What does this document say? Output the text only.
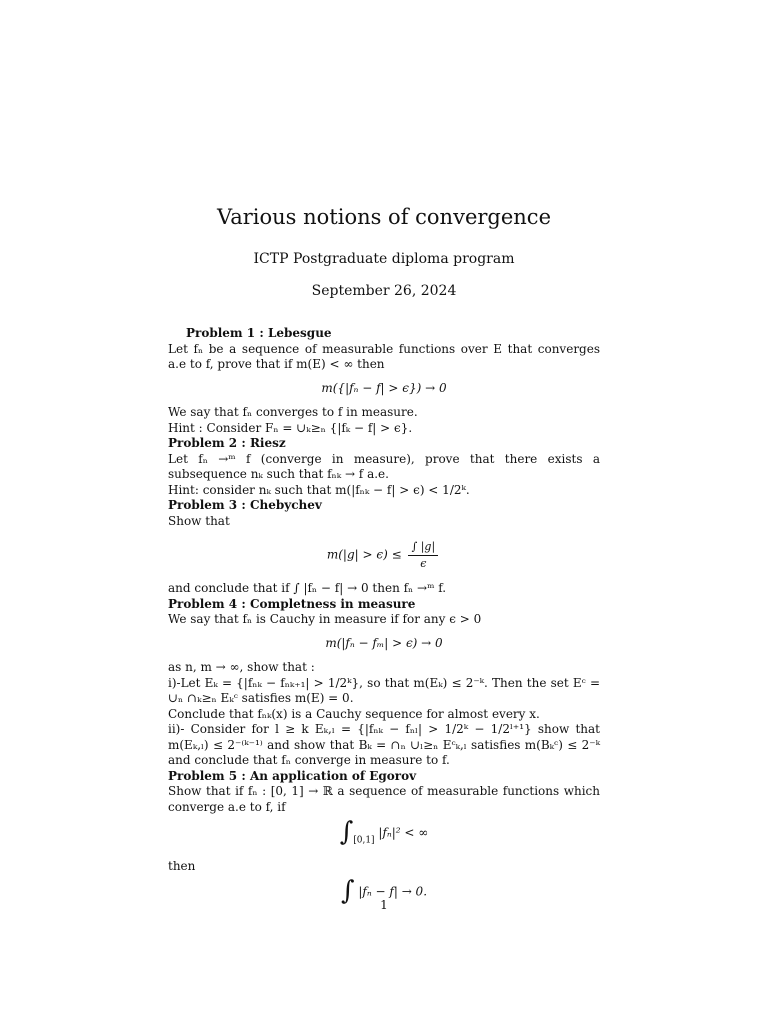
Various notions of convergence
ICTP Postgraduate diploma program
September 26, 2024
Problem 1 : Lebesgue

Let fₙ be a sequence of measurable functions over E that converges a.e to f, prove that if m(E) < ∞ then

m({|fₙ − f| > ϵ}) → 0

We say that fₙ converges to f in measure.

Hint : Consider Fₙ = ∪ₖ≥ₙ {|fₖ − f| > ϵ}.

Problem 2 : Riesz

Let fₙ →ᵐ f (converge in measure), prove that there exists a subsequence nₖ such that fₙₖ → f a.e.

Hint: consider nₖ such that m(|fₙₖ − f| > ϵ) < 1/2ᵏ.

Problem 3 : Chebychev

Show that

$m(|g| > \epsilon) \le \frac{\int |g|}{\epsilon}$

and conclude that if ∫ |fₙ − f| → 0 then fₙ →ᵐ f.

Problem 4 : Completness in measure

We say that fₙ is Cauchy in measure if for any ϵ > 0

m(|fₙ − fₘ| > ϵ) → 0

as n, m → ∞, show that :

i)-Let Eₖ = {|fₙₖ − fₙₖ₊₁| > 1/2ᵏ}, so that m(Eₖ) ≤ 2⁻ᵏ. Then the set Eᶜ = ∪ₙ ∩ₖ≥ₙ Eₖᶜ satisfies m(E) = 0.

Conclude that fₙₖ(x) is a Cauchy sequence for almost every x.

ii)- Consider for l ≥ k Eₖ,ₗ = {|fₙₖ − fₙₗ| > 1/2ᵏ − 1/2ˡ⁺¹} show that m(Eₖ,ₗ) ≤ 2⁻⁽ᵏ⁻¹⁾ and show that Bₖ = ∩ₙ ∪ₗ≥ₙ Eᶜₖ,ₗ satisfies m(Bₖᶜ) ≤ 2⁻ᵏ and conclude that fₙ converge in measure to f.

Problem 5 : An application of Egorov

Show that if fₙ : [0, 1] → ℝ a sequence of measurable functions which converge a.e to f, if

$\int_{[0,1]}$ |fₙ|² < ∞

then

∫ |fₙ − f| → 0.
1
